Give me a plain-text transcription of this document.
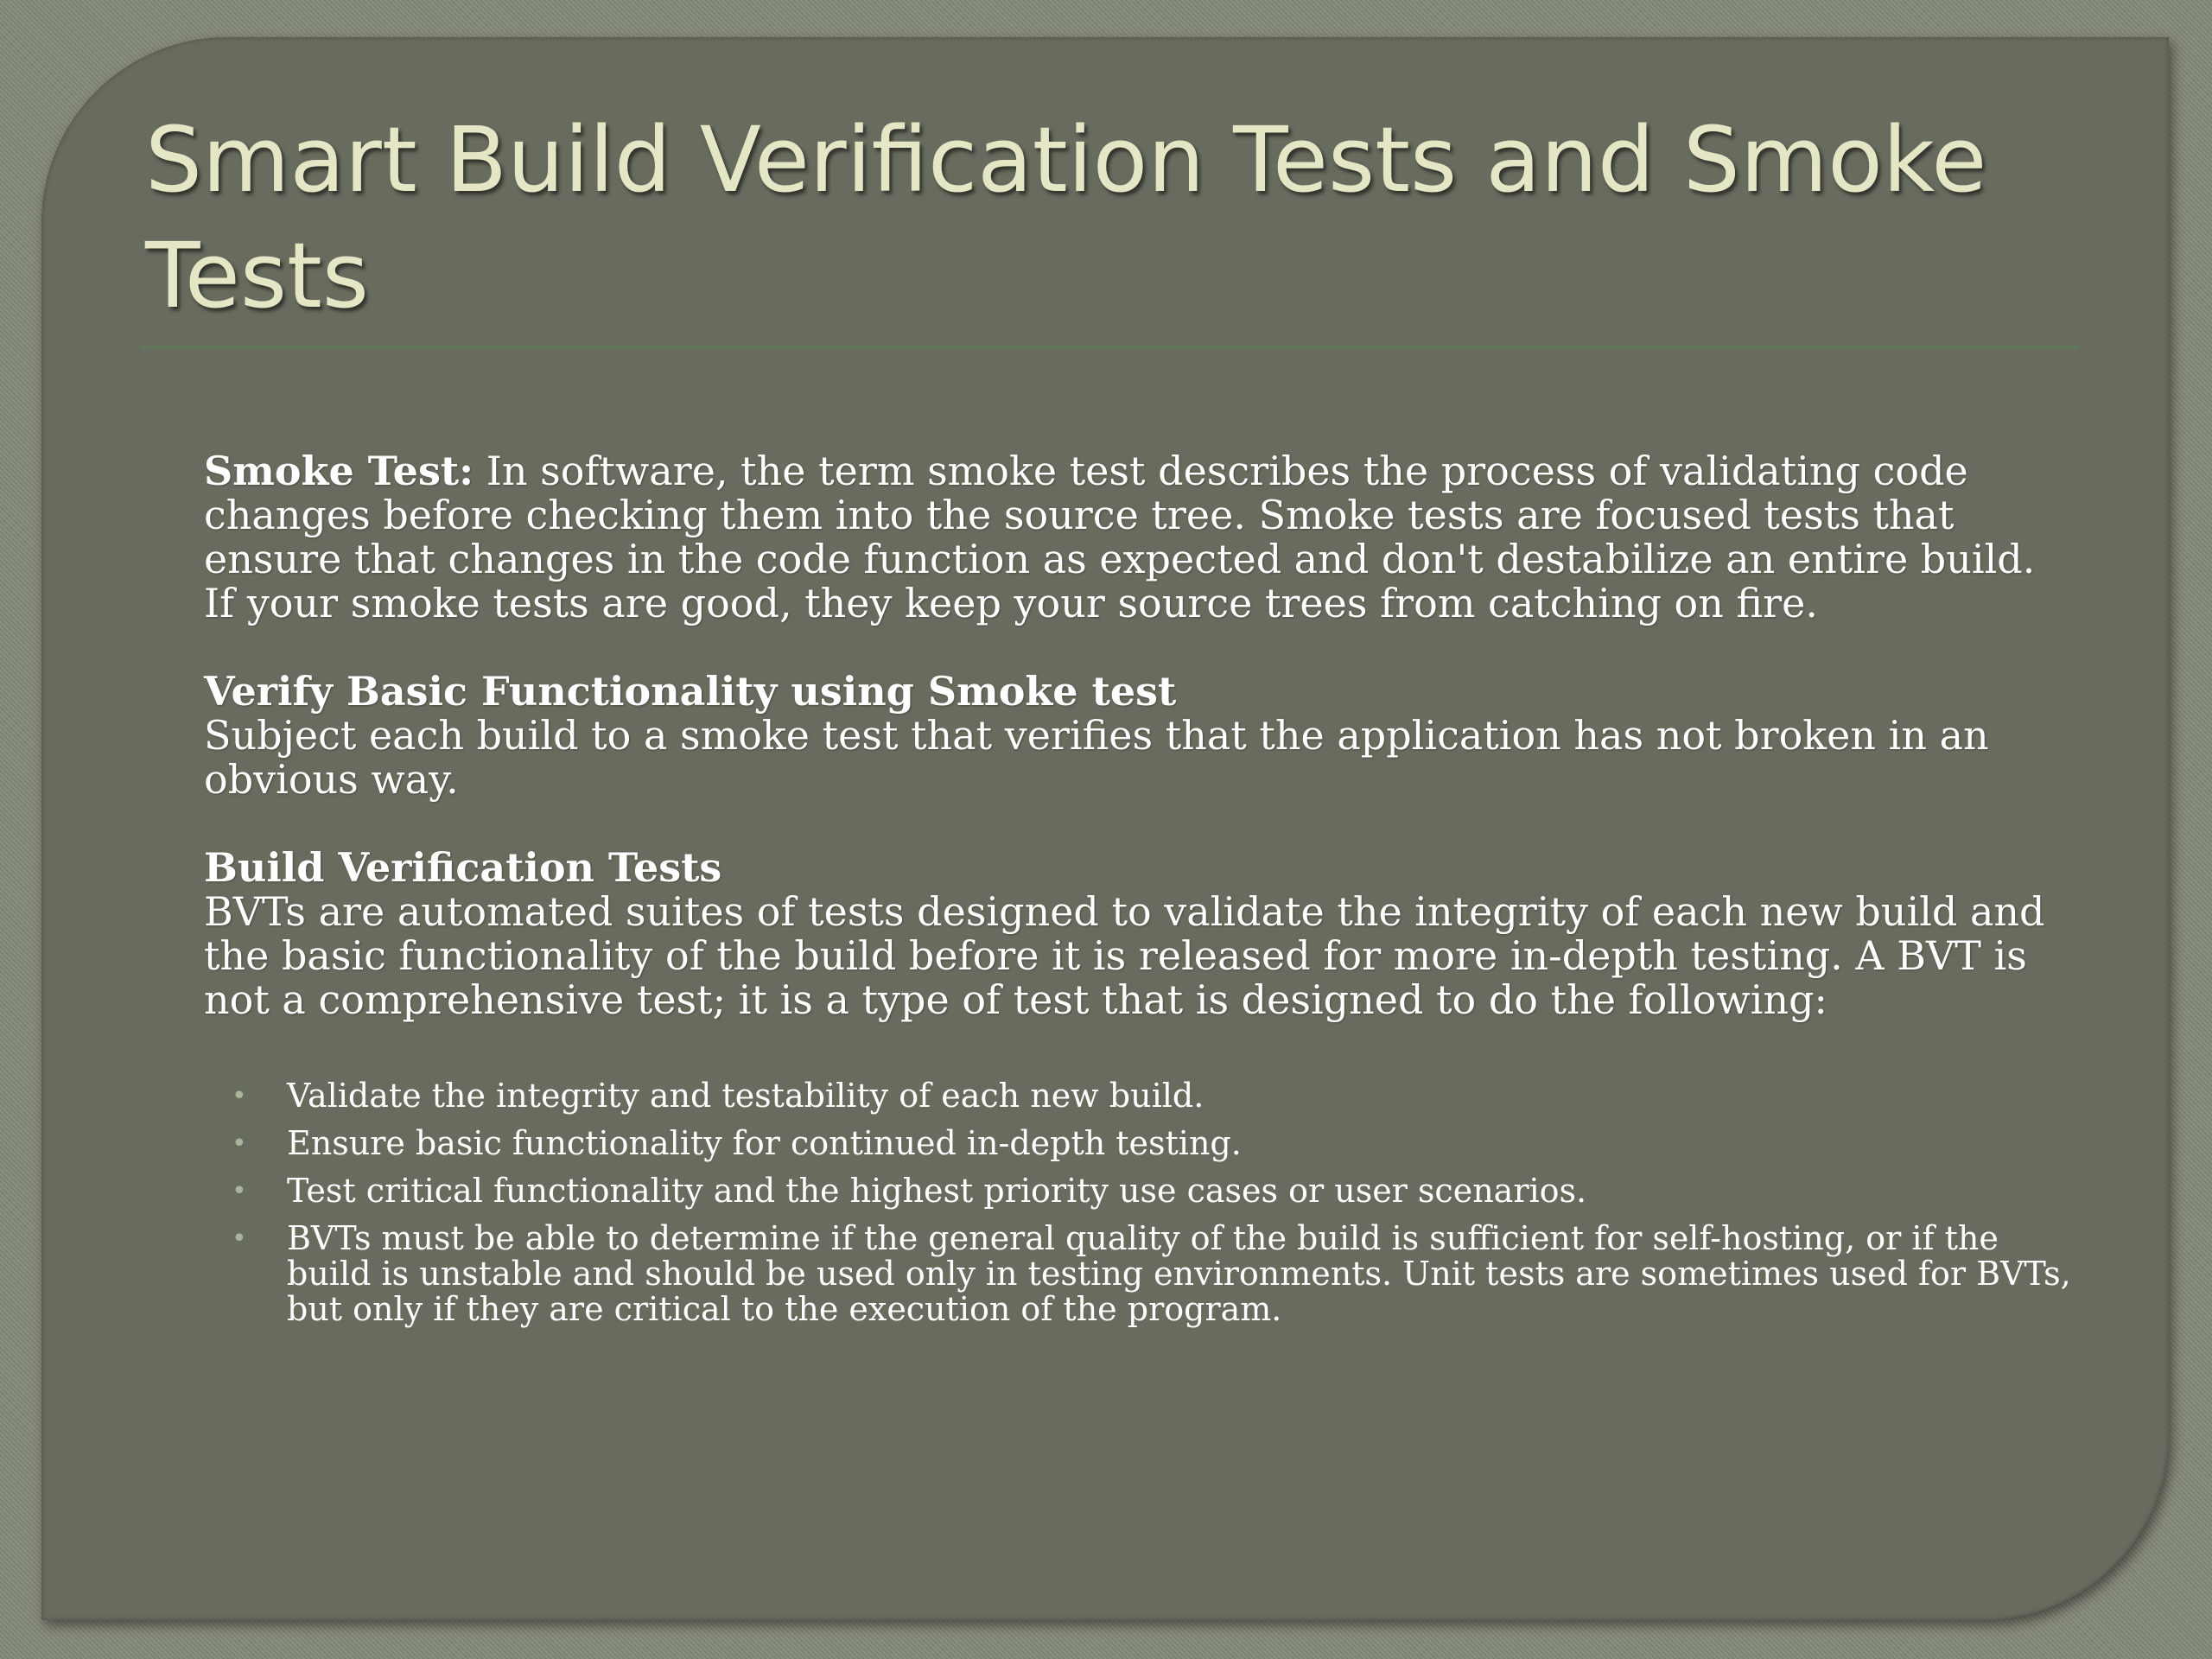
Smart Build Verification Tests and Smoke Tests

Smoke Test: In software, the term smoke test describes the process of validating code changes before checking them into the source tree. Smoke tests are focused tests that ensure that changes in the code function as expected and don't destabilize an entire build. If your smoke tests are good, they keep your source trees from catching on fire.

Verify Basic Functionality using Smoke test

Subject each build to a smoke test that verifies that the application has not broken in an obvious way.

Build Verification Tests

BVTs are automated suites of tests designed to validate the integrity of each new build and the basic functionality of the build before it is released for more in-depth testing. A BVT is not a comprehensive test; it is a type of test that is designed to do the following:

• Validate the integrity and testability of each new build.
• Ensure basic functionality for continued in-depth testing.
• Test critical functionality and the highest priority use cases or user scenarios.
• BVTs must be able to determine if the general quality of the build is sufficient for self-hosting, or if the build is unstable and should be used only in testing environments. Unit tests are sometimes used for BVTs, but only if they are critical to the execution of the program.
